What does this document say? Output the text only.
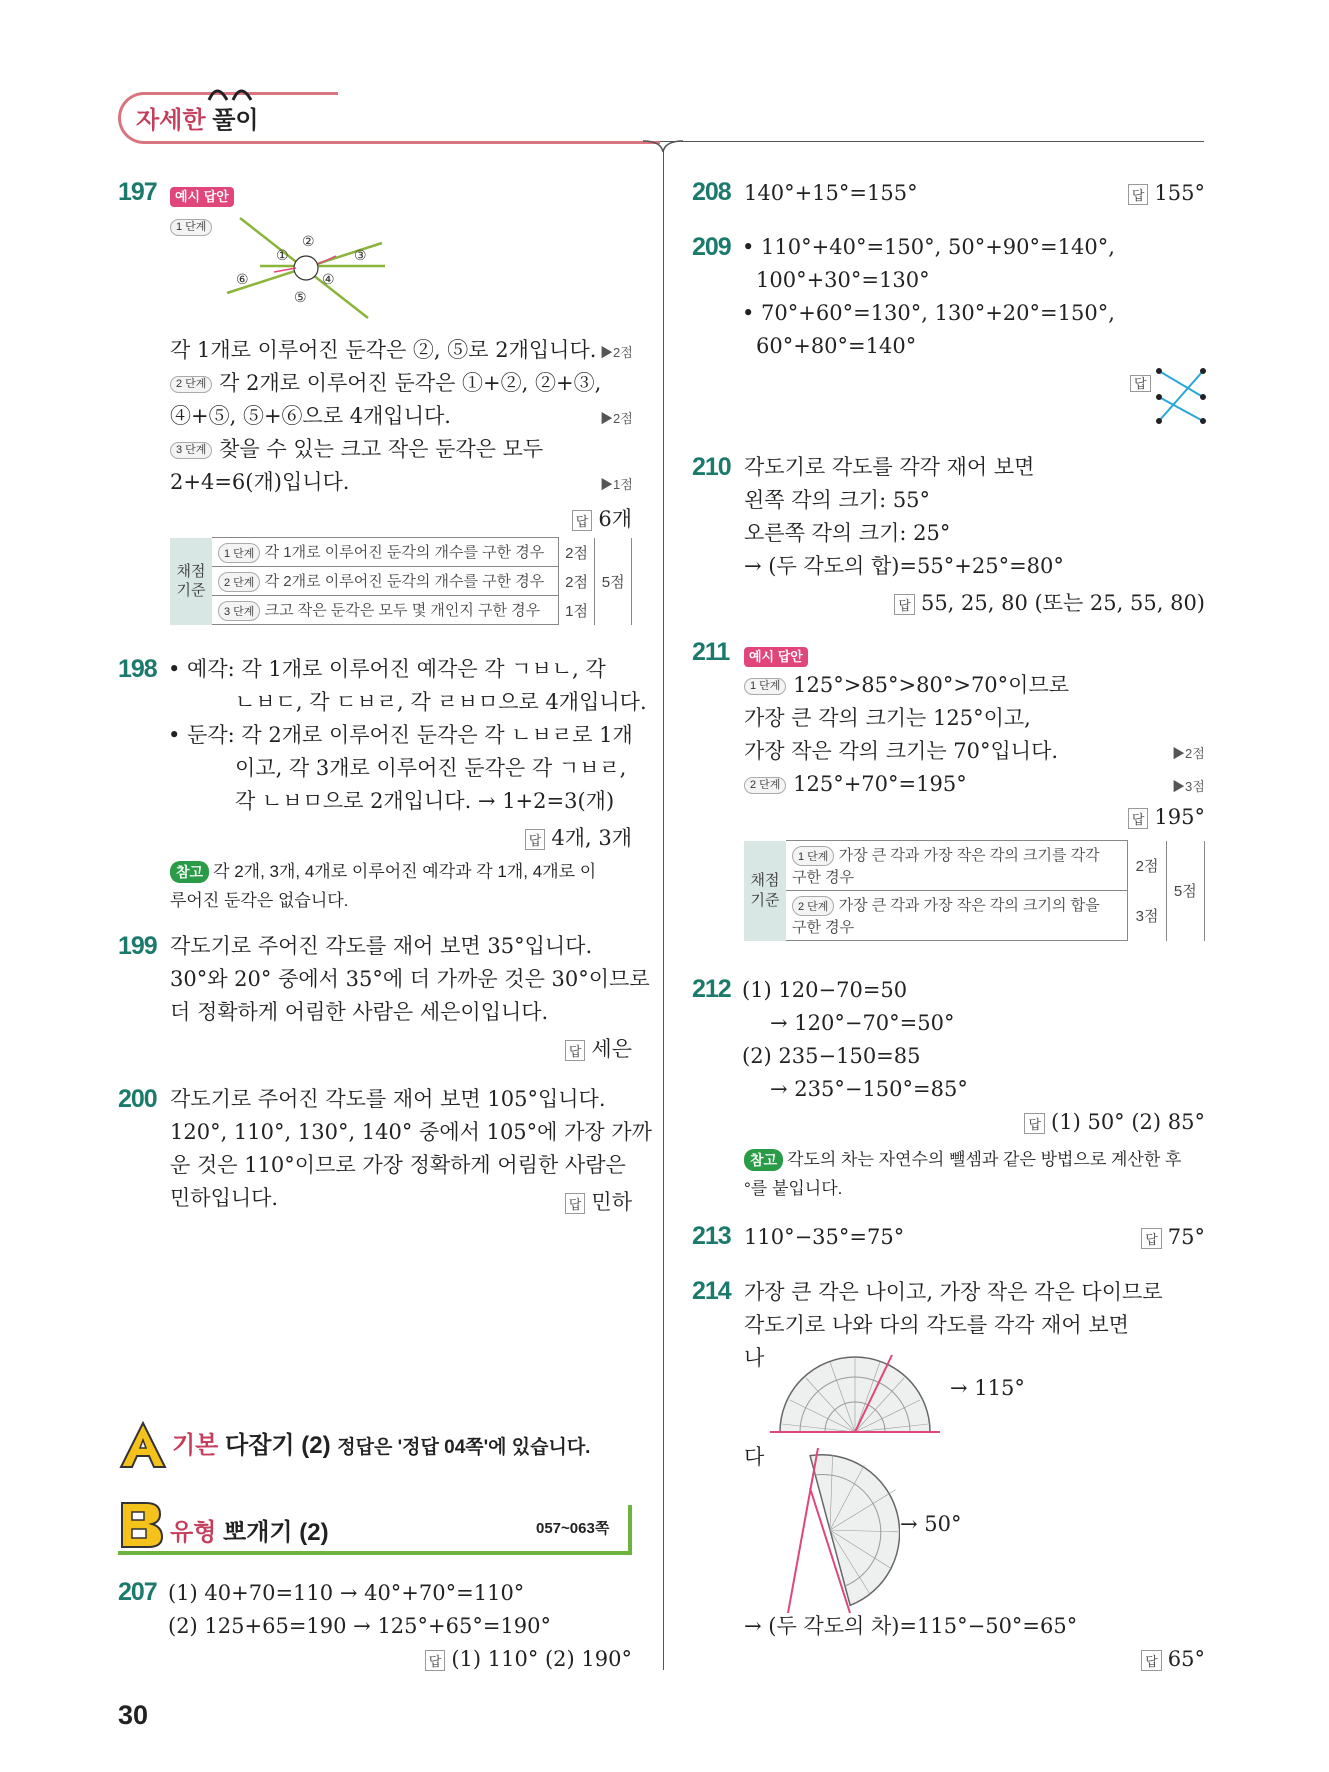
자세한 풀이
197	예시 답안
1 단계
①
②
③
④
⑤
⑥
각 1개로 이루어진 둔각은 ②, ⑤로 2개입니다. ▶2점
2 단계 각 2개로 이루어진 둔각은 ①+②, ②+③,
④+⑤, ⑤+⑥으로 4개입니다.	▶2점
3 단계 찾을 수 있는 크고 작은 둔각은 모두
2+4=6(개)입니다.	▶1점
답 6개
채점
기준	1 단계 각 1개로 이루어진 둔각의 개수를 구한 경우	2점	5점
	2 단계 각 2개로 이루어진 둔각의 개수를 구한 경우	2점	
	3 단계 크고 작은 둔각은 모두 몇 개인지 구한 경우	1점	
198 • 예각: 각 1개로 이루어진 예각은 각 ㄱㅂㄴ, 각
ㄴㅂㄷ, 각 ㄷㅂㄹ, 각 ㄹㅂㅁ으로 4개입니다.
• 둔각: 각 2개로 이루어진 둔각은 각 ㄴㅂㄹ로 1개
이고, 각 3개로 이루어진 둔각은 각 ㄱㅂㄹ,
각 ㄴㅂㅁ으로 2개입니다. → 1+2=3(개)
답 4개, 3개
참고 각 2개, 3개, 4개로 이루어진 예각과 각 1개, 4개로 이
루어진 둔각은 없습니다.
199 각도기로 주어진 각도를 재어 보면 35°입니다.
30°와 20° 중에서 35°에 더 가까운 것은 30°이므로
더 정확하게 어림한 사람은 세은이입니다.
답 세은
200 각도기로 주어진 각도를 재어 보면 105°입니다.
120°, 110°, 130°, 140° 중에서 105°에 가장 가까
운 것은 110°이므로 가장 정확하게 어림한 사람은
민하입니다.	답 민하
기본 다잡기 (2) 정답은 '정답 04쪽'에 있습니다.
유형 뽀개기 (2)	057~063쪽
207 (1) 40+70=110 → 40°+70°=110°
(2) 125+65=190 → 125°+65°=190°
답 (1) 110° (2) 190°
30
208 140°+15°=155°	답 155°
209 • 110°+40°=150°, 50°+90°=140°,
100°+30°=130°
• 70°+60°=130°, 130°+20°=150°,
60°+80°=140°
답
210 각도기로 각도를 각각 재어 보면
왼쪽 각의 크기: 55°
오른쪽 각의 크기: 25°
→ (두 각도의 합)=55°+25°=80°
답 55, 25, 80 (또는 25, 55, 80)
211	예시 답안
1 단계 125°>85°>80°>70°이므로
가장 큰 각의 크기는 125°이고,
가장 작은 각의 크기는 70°입니다.	▶2점
2 단계 125°+70°=195°	▶3점
답 195°
채점
기준	1 단계 가장 큰 각과 가장 작은 각의 크기를 각각
구한 경우	2점	5점
	2 단계 가장 큰 각과 가장 작은 각의 크기의 합을
구한 경우	3점	
212 (1) 120−70=50
→ 120°−70°=50°
(2) 235−150=85
→ 235°−150°=85°
답 (1) 50° (2) 85°
참고 각도의 차는 자연수의 뺄셈과 같은 방법으로 계산한 후
°를 붙입니다.
213 110°−35°=75°	답 75°
214 가장 큰 각은 나이고, 가장 작은 각은 다이므로
각도기로 나와 다의 각도를 각각 재어 보면
나
→ 115°
다
→ 50°
→ (두 각도의 차)=115°−50°=65°
답 65°
